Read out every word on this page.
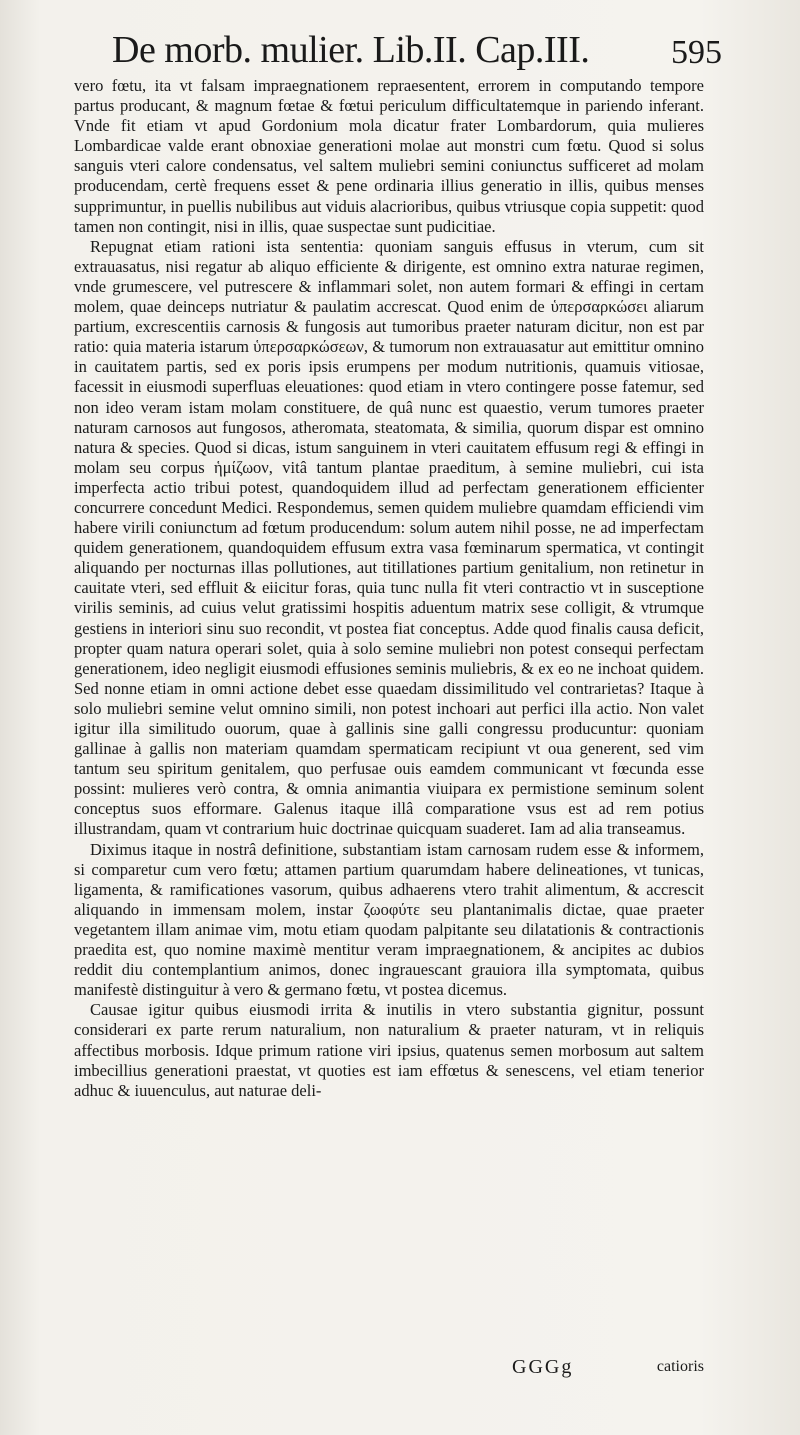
De morb. mulier. Lib.II. Cap.III. 595

vero fœtu, ita vt falsam impraegnationem repraesentent, errorem in computando tempore partus producant, & magnum fœtae & fœtui periculum difficultatemque in pariendo inferant. Vnde fit etiam vt apud Gordonium mola dicatur frater Lombardorum, quia mulieres Lombardicae valde erant obnoxiae generationi molae aut monstri cum fœtu. Quod si solus sanguis vteri calore condensatus, vel saltem muliebri semini coniunctus sufficeret ad molam producendam, certè frequens esset & pene ordinaria illius generatio in illis, quibus menses supprimuntur, in puellis nubilibus aut viduis alacrioribus, quibus vtriusque copia suppetit: quod tamen non contingit, nisi in illis, quae suspectae sunt pudicitiae.

Repugnat etiam rationi ista sententia: quoniam sanguis effusus in vterum, cum sit extrauasatus, nisi regatur ab aliquo efficiente & dirigente, est omnino extra naturae regimen, vnde grumescere, vel putrescere & inflammari solet, non autem formari & effingi in certam molem, quae deinceps nutriatur & paulatim accrescat. Quod enim de ὑπερσαρκώσει aliarum partium, excrescentiis carnosis & fungosis aut tumoribus praeter naturam dicitur, non est par ratio: quia materia istarum ὑπερσαρκώσεων, & tumorum non extrauasatur aut emittitur omnino in cauitatem partis, sed ex poris ipsis erumpens per modum nutritionis, quamuis vitiosae, facessit in eiusmodi superfluas eleuationes: quod etiam in vtero contingere posse fatemur, sed non ideo veram istam molam constituere, de quâ nunc est quaestio, verum tumores praeter naturam carnosos aut fungosos, atheromata, steatomata, & similia, quorum dispar est omnino natura & species. Quod si dicas, istum sanguinem in vteri cauitatem effusum regi & effingi in molam seu corpus ἡμίζωον, vitâ tantum plantae praeditum, à semine muliebri, cui ista imperfecta actio tribui potest, quandoquidem illud ad perfectam generationem efficienter concurrere concedunt Medici. Respondemus, semen quidem muliebre quamdam efficiendi vim habere virili coniunctum ad fœtum producendum: solum autem nihil posse, ne ad imperfectam quidem generationem, quandoquidem effusum extra vasa fœminarum spermatica, vt contingit aliquando per nocturnas illas pollutiones, aut titillationes partium genitalium, non retinetur in cauitate vteri, sed effluit & eiicitur foras, quia tunc nulla fit vteri contractio vt in susceptione virilis seminis, ad cuius velut gratissimi hospitis aduentum matrix sese colligit, & vtrumque gestiens in interiori sinu suo recondit, vt postea fiat conceptus. Adde quod finalis causa deficit, propter quam natura operari solet, quia à solo semine muliebri non potest consequi perfectam generationem, ideo negligit eiusmodi effusiones seminis muliebris, & ex eo ne inchoat quidem. Sed nonne etiam in omni actione debet esse quaedam dissimilitudo vel contrarietas? Itaque à solo muliebri semine velut omnino simili, non potest inchoari aut perfici illa actio. Non valet igitur illa similitudo ouorum, quae à gallinis sine galli congressu producuntur: quoniam gallinae à gallis non materiam quamdam spermaticam recipiunt vt oua generent, sed vim tantum seu spiritum genitalem, quo perfusae ouis eamdem communicant vt fœcunda esse possint: mulieres verò contra, & omnia animantia viuipara ex permistione seminum solent conceptus suos efformare. Galenus itaque illâ comparatione vsus est ad rem potius illustrandam, quam vt contrarium huic doctrinae quicquam suaderet. Iam ad alia transeamus.

Diximus itaque in nostrâ definitione, substantiam istam carnosam rudem esse & informem, si comparetur cum vero fœtu; attamen partium quarumdam habere delineationes, vt tunicas, ligamenta, & ramificationes vasorum, quibus adhaerens vtero trahit alimentum, & accrescit aliquando in immensam molem, instar ζωοφύτε seu plantanimalis dictae, quae praeter vegetantem illam animae vim, motu etiam quodam palpitante seu dilatationis & contractionis praedita est, quo nomine maximè mentitur veram impraegnationem, & ancipites ac dubios reddit diu contemplantium animos, donec ingrauescant grauiora illa symptomata, quibus manifestè distinguitur à vero & germano fœtu, vt postea dicemus.

Causae igitur quibus eiusmodi irrita & inutilis in vtero substantia gignitur, possunt considerari ex parte rerum naturalium, non naturalium & praeter naturam, vt in reliquis affectibus morbosis. Idque primum ratione viri ipsius, quatenus semen morbosum aut saltem imbecillius generationi praestat, vt quoties est iam effœtus & senescens, vel etiam tenerior adhuc & iuuenculus, aut naturae deli-

GGGg	catioris
